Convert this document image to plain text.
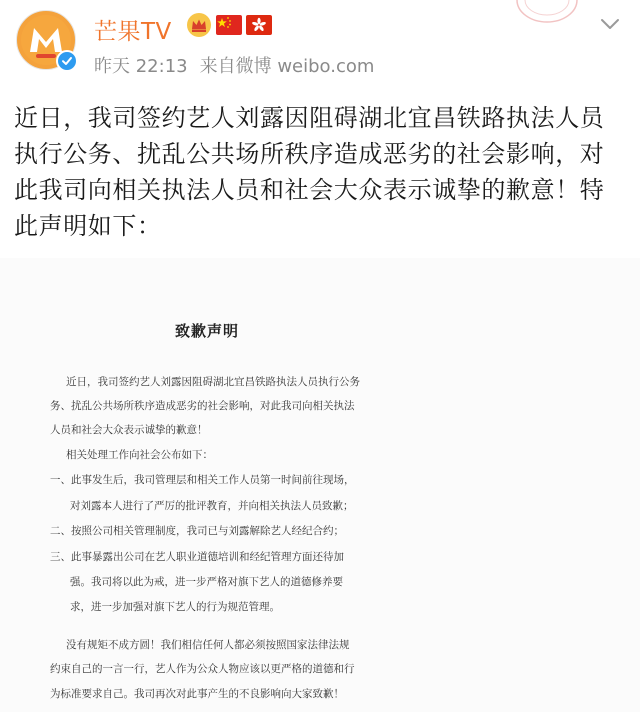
芒果TV
昨天 22:13 来自微博 weibo.com

近日，我司签约艺人刘露因阻碍湖北宜昌铁路执法人员执行公务、扰乱公共场所秩序造成恶劣的社会影响，对此我司向相关执法人员和社会大众表示诚挚的歉意！特此声明如下：

致歉声明
近日，我司签约艺人刘露因阻碍湖北宜昌铁路执法人员执行公务
务、扰乱公共场所秩序造成恶劣的社会影响，对此我司向相关执法
人员和社会大众表示诚挚的歉意！
相关处理工作向社会公布如下：
一、此事发生后，我司管理层和相关工作人员第一时间前往现场，
对刘露本人进行了严厉的批评教育，并向相关执法人员致歉；
二、按照公司相关管理制度，我司已与刘露解除艺人经纪合约；
三、此事暴露出公司在艺人职业道德培训和经纪管理方面还待加
强。我司将以此为戒，进一步严格对旗下艺人的道德修养要
求，进一步加强对旗下艺人的行为规范管理。
没有规矩不成方圆！我们相信任何人都必须按照国家法律法规
约束自己的一言一行，艺人作为公众人物应该以更严格的道德和行
为标准要求自己。我司再次对此事产生的不良影响向大家致歉！
